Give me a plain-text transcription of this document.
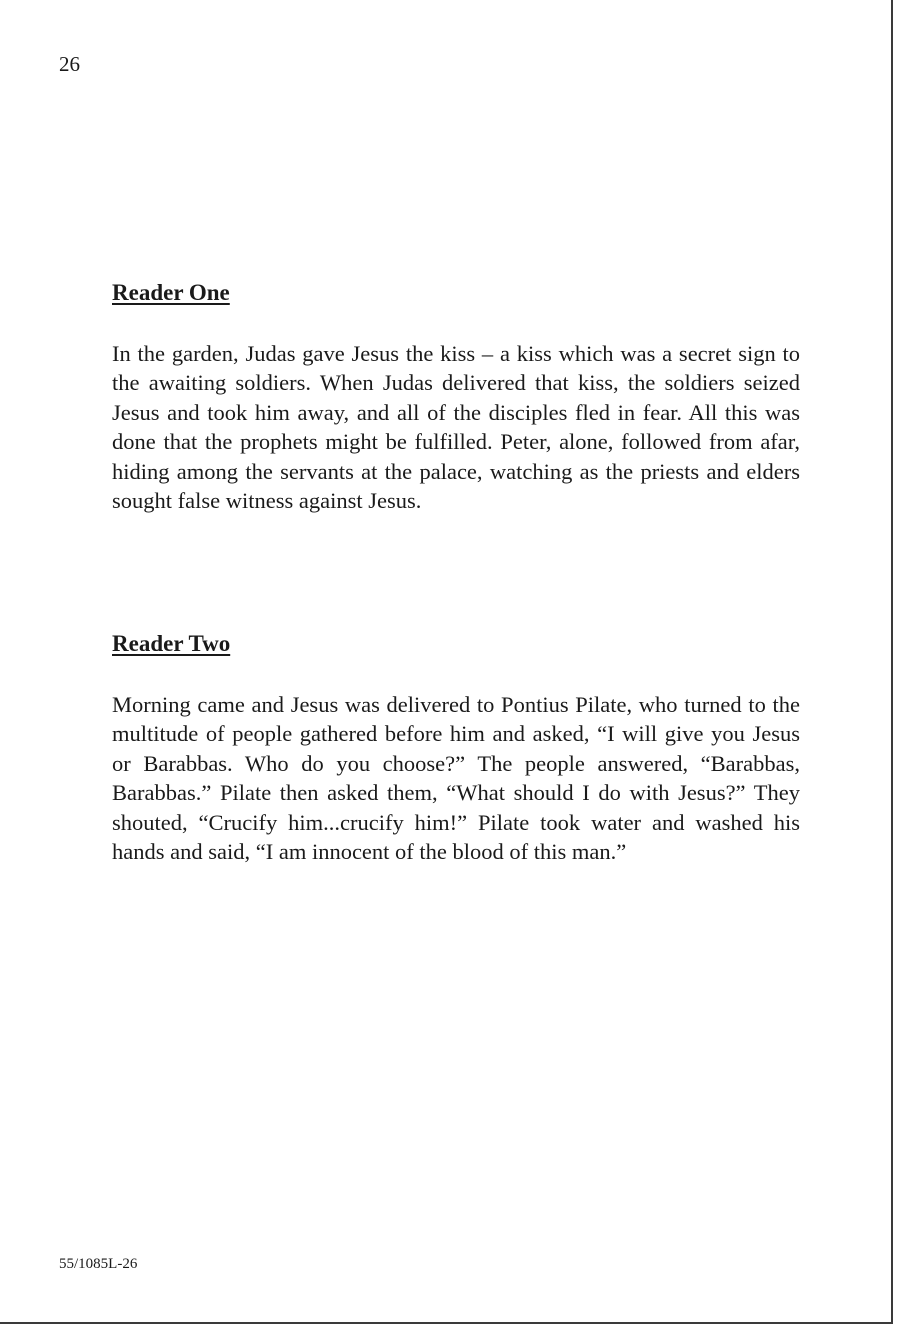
26

Reader One

In the garden, Judas gave Jesus the kiss – a kiss which was a secret sign to the awaiting soldiers. When Judas delivered that kiss, the soldiers seized Jesus and took him away, and all of the disciples fled in fear. All this was done that the prophets might be fulfilled. Peter, alone, followed from afar, hiding among the servants at the palace, watching as the priests and elders sought false witness against Jesus.

Reader Two

Morning came and Jesus was delivered to Pontius Pilate, who turned to the multitude of people gathered before him and asked, “I will give you Jesus or Barabbas. Who do you choose?” The people answered, “Barabbas, Barabbas.” Pilate then asked them, “What should I do with Jesus?” They shouted, “Crucify him...crucify him!” Pilate took water and washed his hands and said, “I am innocent of the blood of this man.”

55/1085L-26
